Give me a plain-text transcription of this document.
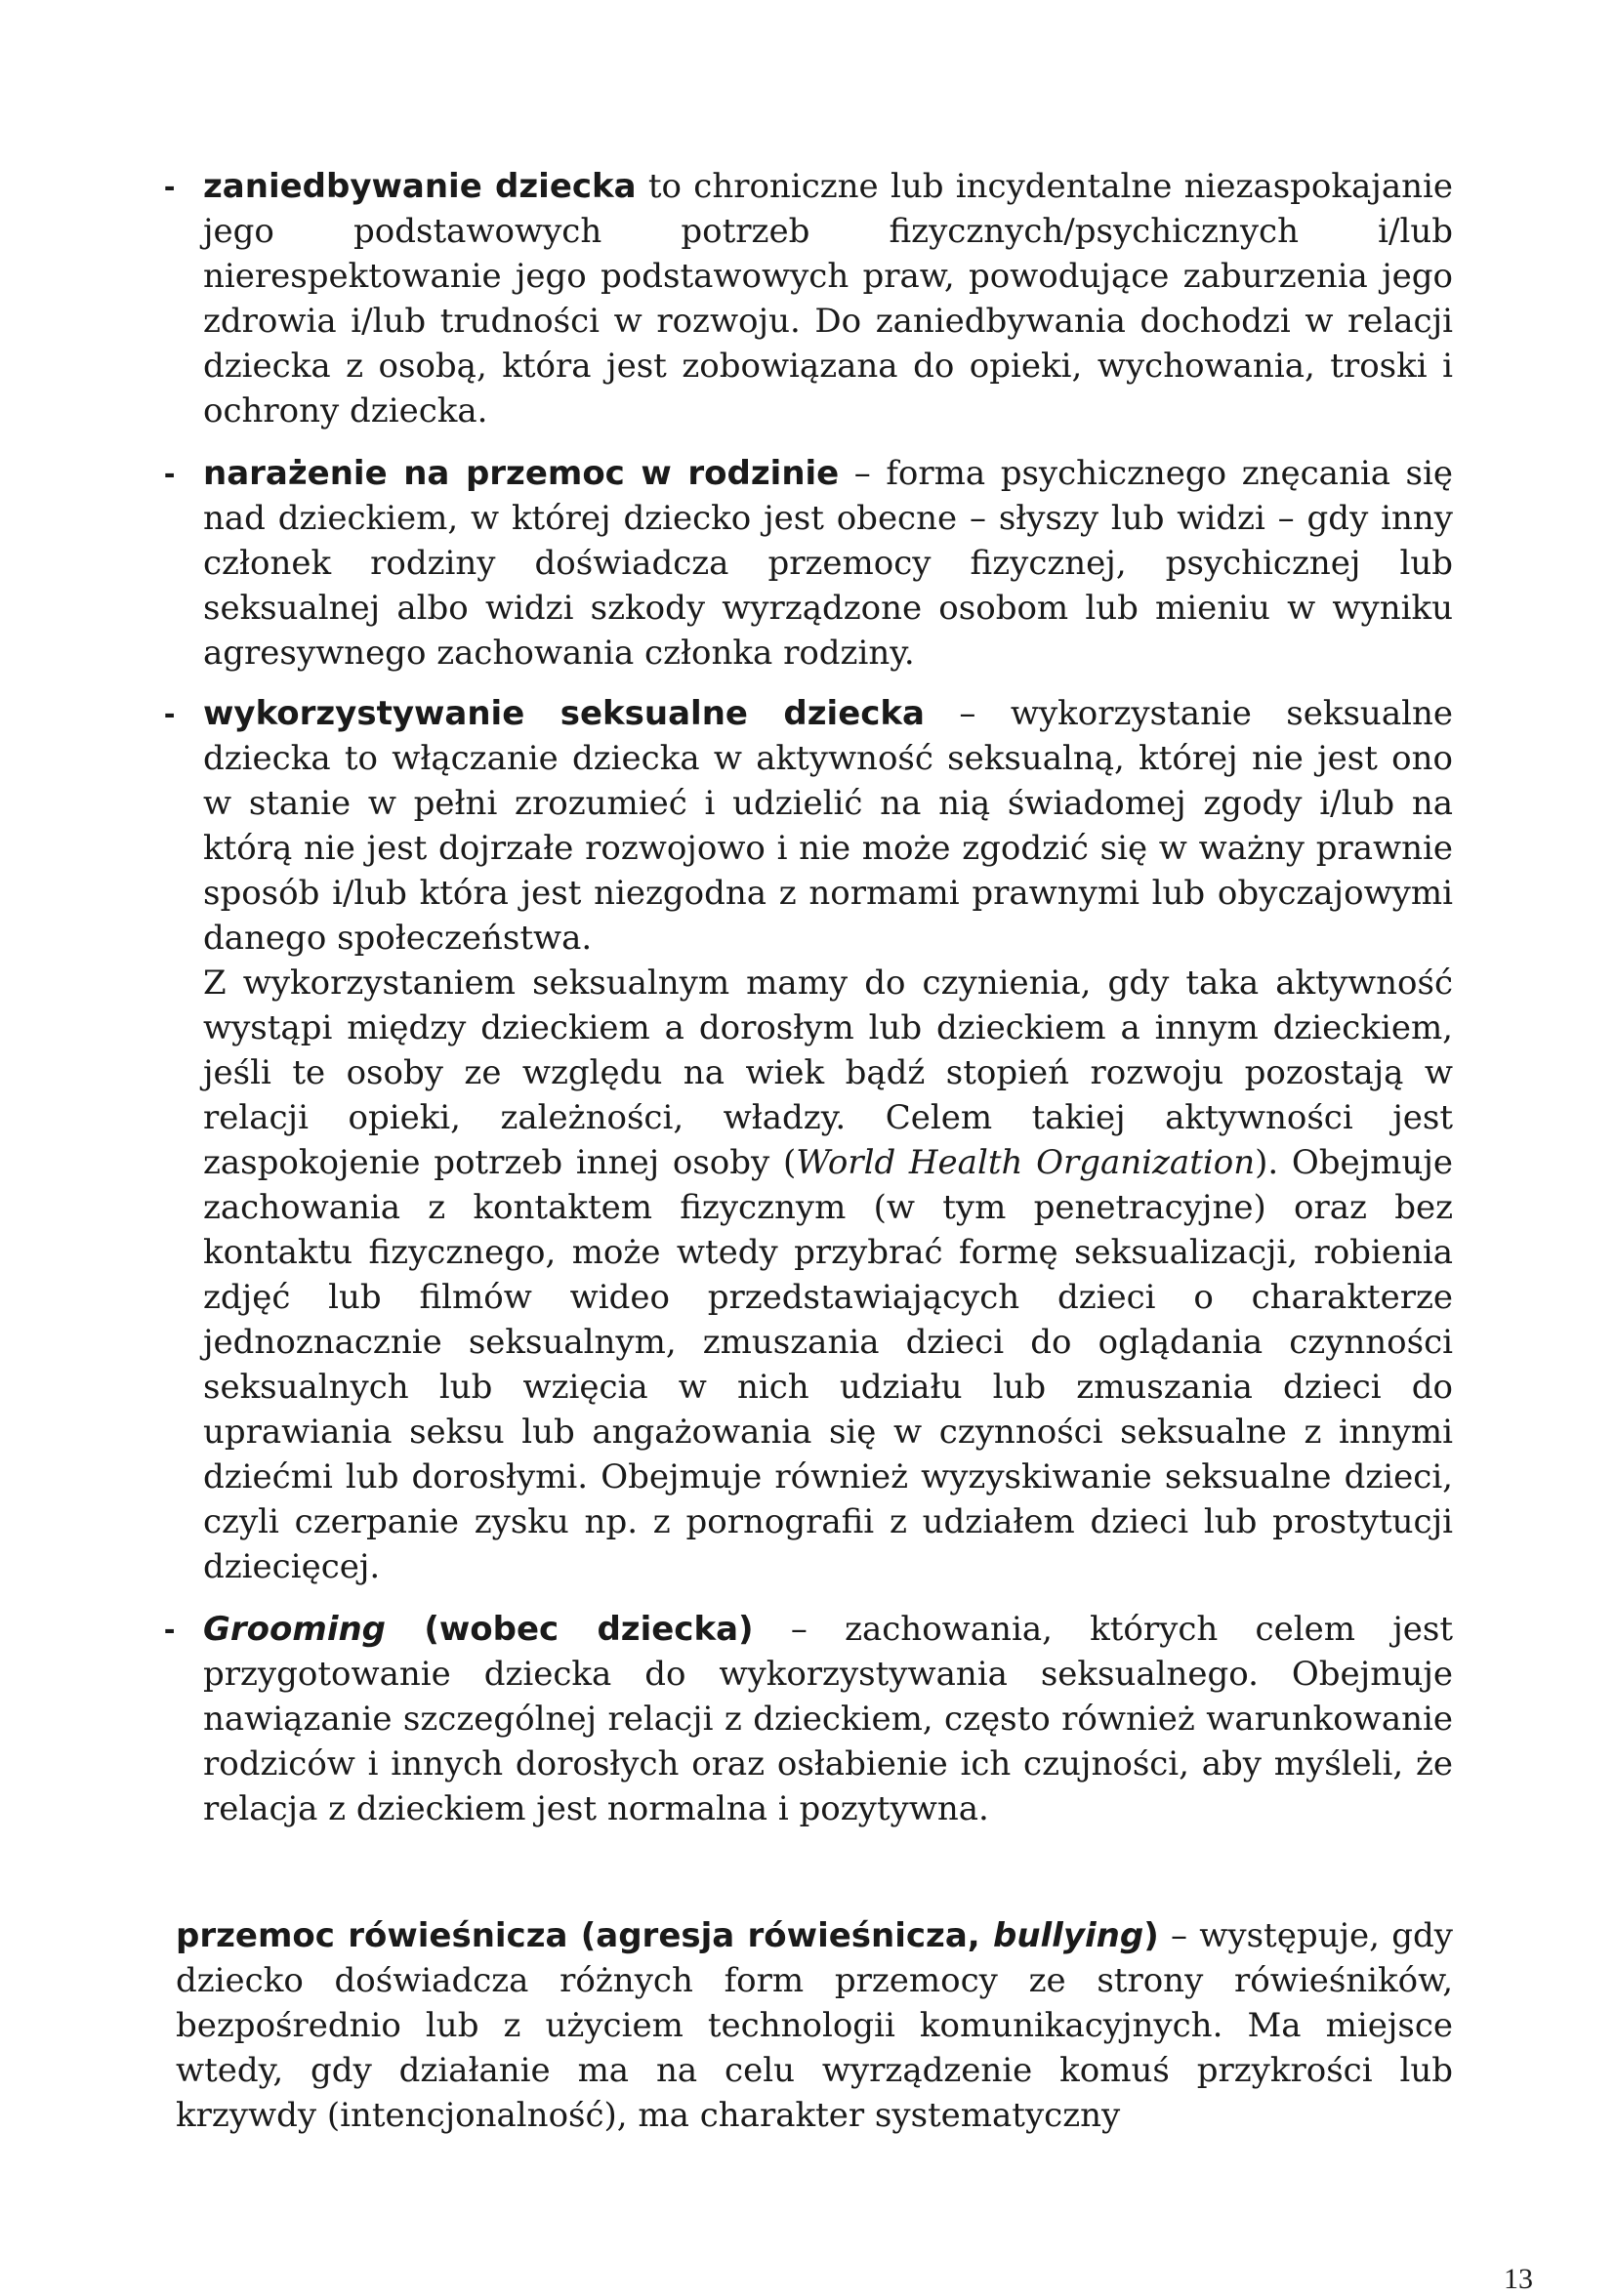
- zaniedbywanie dziecka to chroniczne lub incydentalne niezaspokajanie jego podstawowych potrzeb fizycznych/psychicznych i/lub nierespektowanie jego podstawowych praw, powodujące zaburzenia jego zdrowia i/lub trudności w rozwoju. Do zaniedbywania dochodzi w relacji dziecka z osobą, która jest zobowiązana do opieki, wychowania, troski i ochrony dziecka.

- narażenie na przemoc w rodzinie – forma psychicznego znęcania się nad dzieckiem, w której dziecko jest obecne – słyszy lub widzi – gdy inny członek rodziny doświadcza przemocy fizycznej, psychicznej lub seksualnej albo widzi szkody wyrządzone osobom lub mieniu w wyniku agresywnego zachowania członka rodziny.

- wykorzystywanie seksualne dziecka – wykorzystanie seksualne dziecka to włączanie dziecka w aktywność seksualną, której nie jest ono w stanie w pełni zrozumieć i udzielić na nią świadomej zgody i/lub na którą nie jest dojrzałe rozwojowo i nie może zgodzić się w ważny prawnie sposób i/lub która jest niezgodna z normami prawnymi lub obyczajowymi danego społeczeństwa.

Z wykorzystaniem seksualnym mamy do czynienia, gdy taka aktywność wystąpi między dzieckiem a dorosłym lub dzieckiem a innym dzieckiem, jeśli te osoby ze względu na wiek bądź stopień rozwoju pozostają w relacji opieki, zależności, władzy. Celem takiej aktywności jest zaspokojenie potrzeb innej osoby (World Health Organization). Obejmuje zachowania z kontaktem fizycznym (w tym penetracyjne) oraz bez kontaktu fizycznego, może wtedy przybrać formę seksualizacji, robienia zdjęć lub filmów wideo przedstawiających dzieci o charakterze jednoznacznie seksualnym, zmuszania dzieci do oglądania czynności seksualnych lub wzięcia w nich udziału lub zmuszania dzieci do uprawiania seksu lub angażowania się w czynności seksualne z innymi dziećmi lub dorosłymi. Obejmuje również wyzyskiwanie seksualne dzieci, czyli czerpanie zysku np. z pornografii z udziałem dzieci lub prostytucji dziecięcej.

- Grooming (wobec dziecka) – zachowania, których celem jest przygotowanie dziecka do wykorzystywania seksualnego. Obejmuje nawiązanie szczególnej relacji z dzieckiem, często również warunkowanie rodziców i innych dorosłych oraz osłabienie ich czujności, aby myśleli, że relacja z dzieckiem jest normalna i pozytywna.

przemoc rówieśnicza (agresja rówieśnicza, bullying) – występuje, gdy dziecko doświadcza różnych form przemocy ze strony rówieśników, bezpośrednio lub z użyciem technologii komunikacyjnych. Ma miejsce wtedy, gdy działanie ma na celu wyrządzenie komuś przykrości lub krzywdy (intencjonalność), ma charakter systematyczny

13
